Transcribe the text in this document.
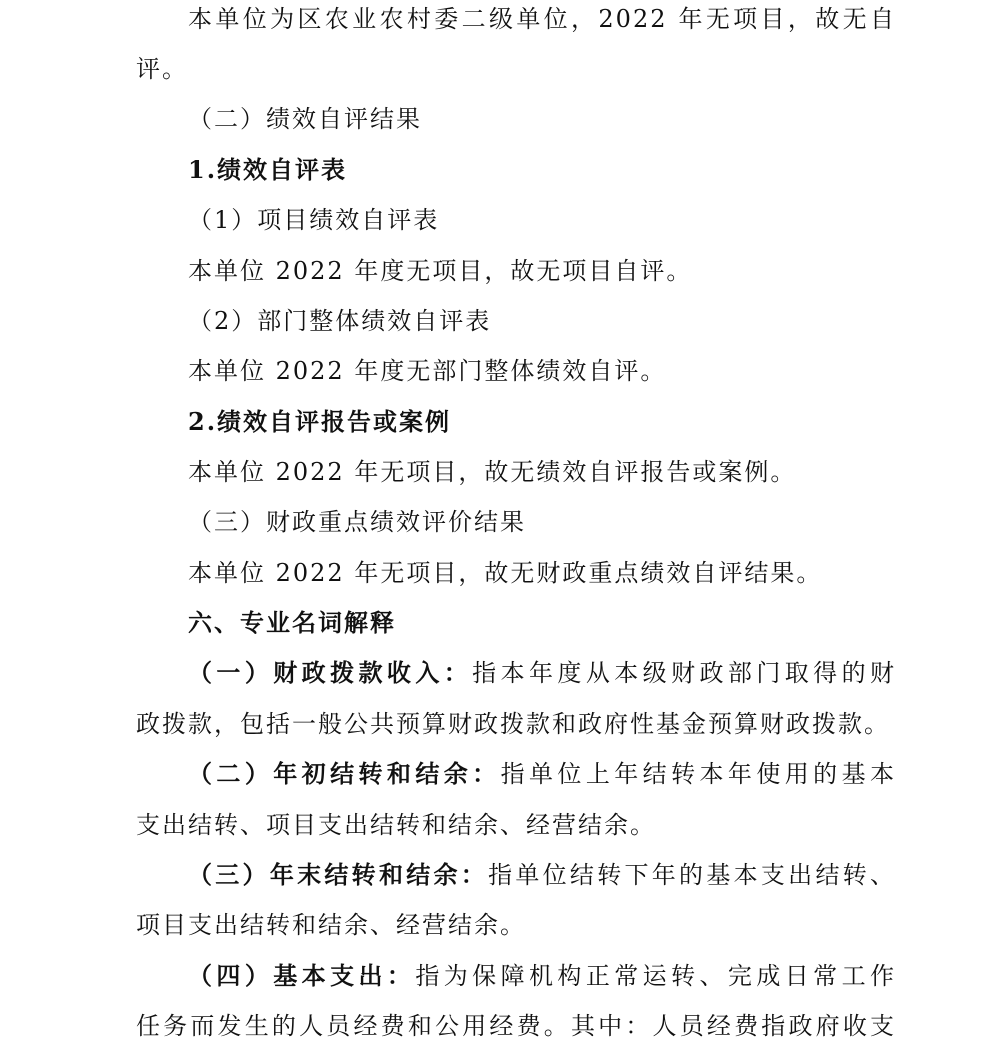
本单位为区农业农村委二级单位，2022 年无项目，故无自
评。
（二）绩效自评结果
1.绩效自评表
（1）项目绩效自评表
本单位 2022 年度无项目，故无项目自评。
（2）部门整体绩效自评表
本单位 2022 年度无部门整体绩效自评。
2.绩效自评报告或案例
本单位 2022 年无项目，故无绩效自评报告或案例。
（三）财政重点绩效评价结果
本单位 2022 年无项目，故无财政重点绩效自评结果。
六、专业名词解释
（一）财政拨款收入：指本年度从本级财政部门取得的财
政拨款，包括一般公共预算财政拨款和政府性基金预算财政拨款。
（二）年初结转和结余：指单位上年结转本年使用的基本
支出结转、项目支出结转和结余、经营结余。
（三）年末结转和结余：指单位结转下年的基本支出结转、
项目支出结转和结余、经营结余。
（四）基本支出：指为保障机构正常运转、完成日常工作
任务而发生的人员经费和公用经费。其中：人员经费指政府收支
